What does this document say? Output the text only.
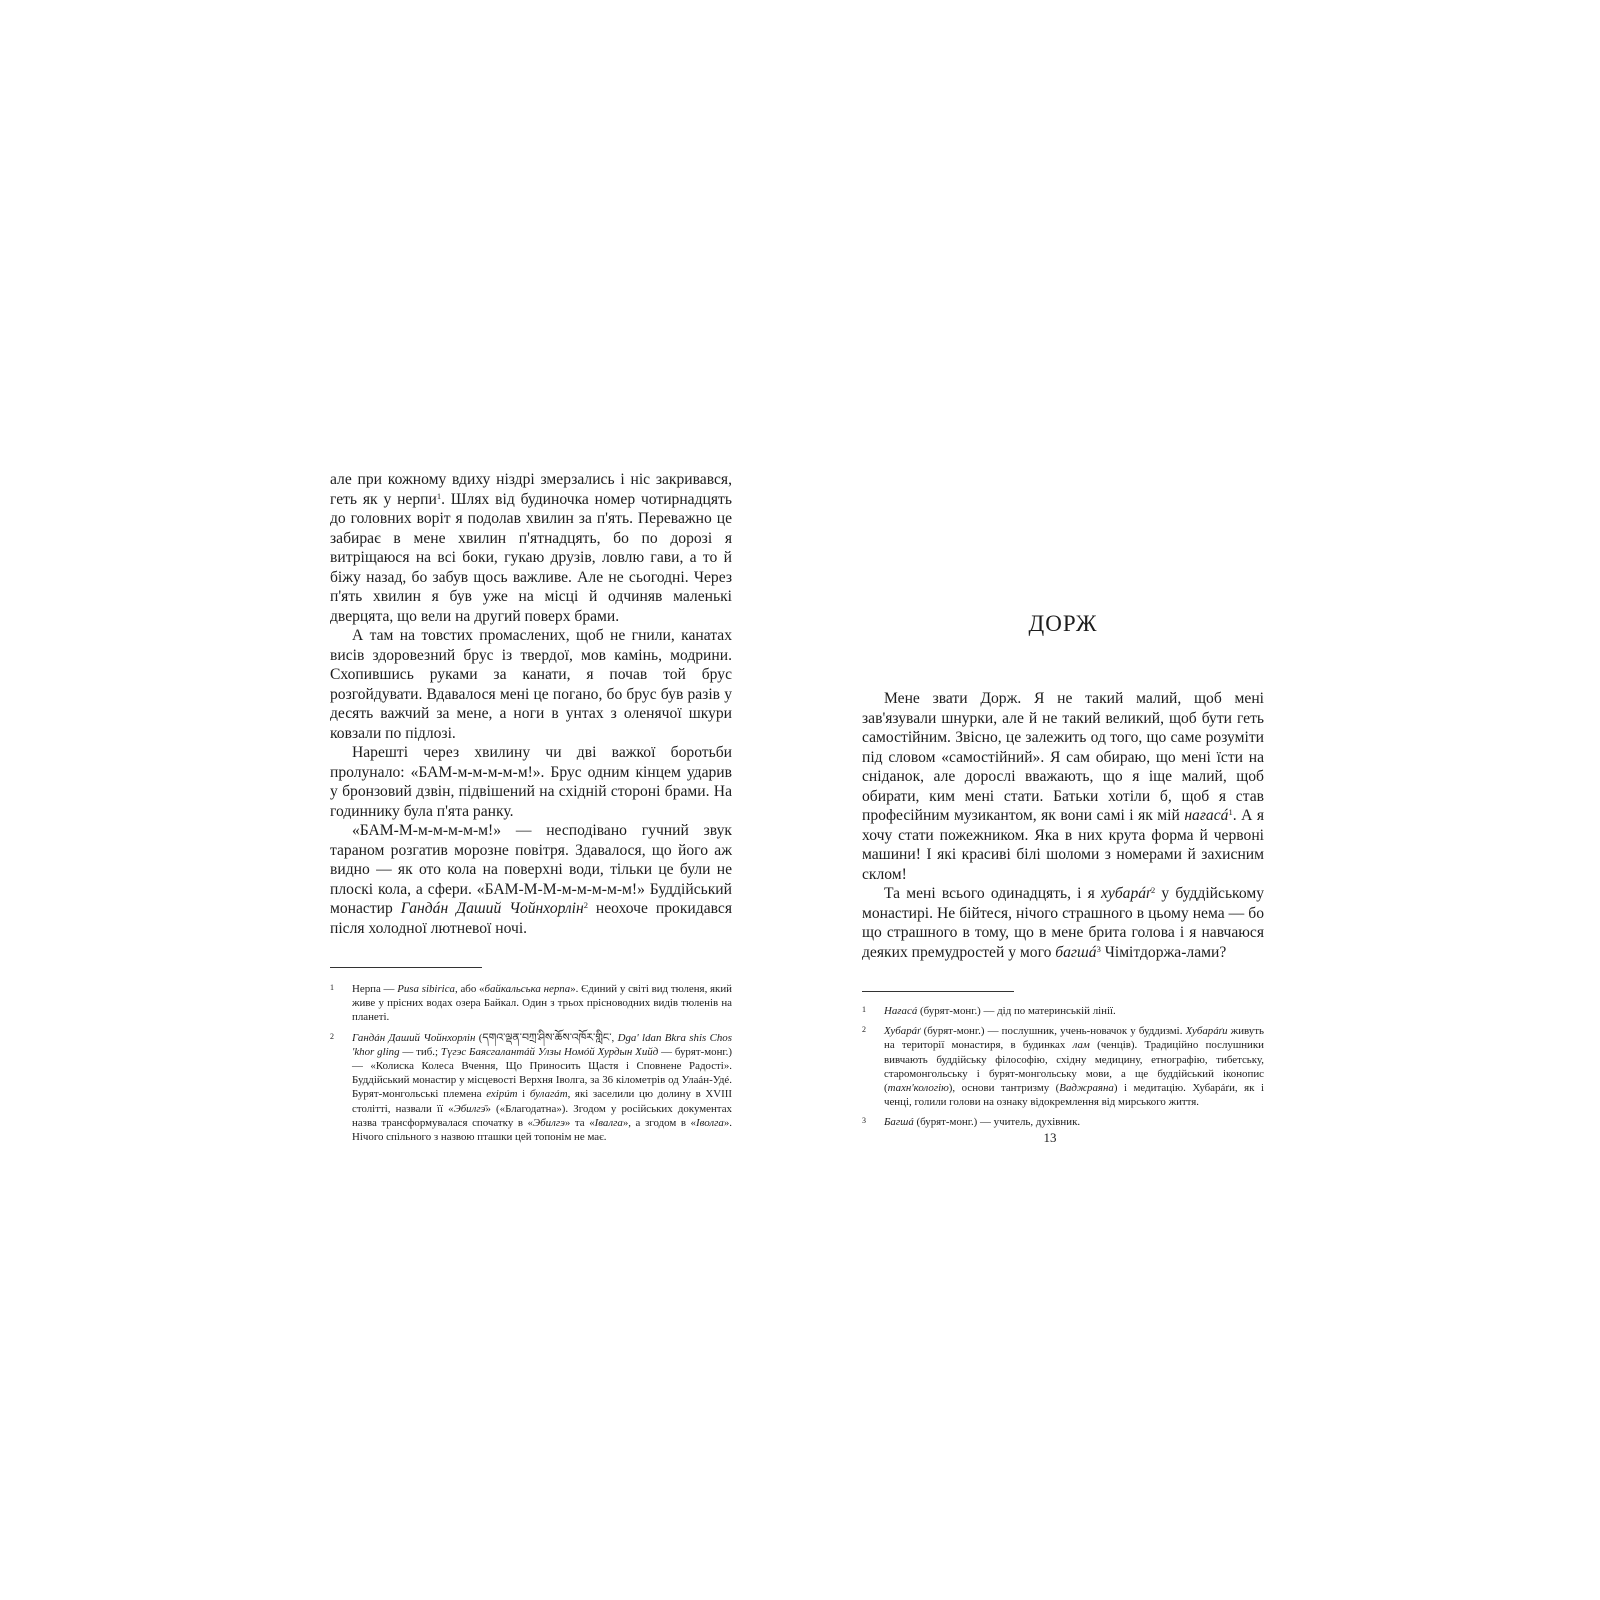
але при кожному вдиху ніздрі змерзались і ніс закривався, геть як у нерпи$^1$. Шлях від будиночка номер чотирнадцять до головних воріт я подолав хвилин за п'ять. Переважно це забирає в мене хвилин п'ятнадцять, бо по дорозі я витріщаюся на всі боки, гукаю друзів, ловлю гави, а то й біжу назад, бо забув щось важливе. Але не сьогодні. Через п'ять хвилин я був уже на місці й одчиняв маленькі дверцята, що вели на другий поверх брами.

А там на товстих промаслених, щоб не гнили, канатах висів здоровезний брус із твердої, мов камінь, модрини. Схопившись руками за канати, я почав той брус розгойдувати. Вдавалося мені це погано, бо брус був разів у десять важчий за мене, а ноги в унтах з оленячої шкури ковзали по підлозі.

Нарешті через хвилину чи дві важкої боротьби пролунало: «БАМ-м-м-м-м-м!». Брус одним кінцем ударив у бронзовий дзвін, підвішений на східній стороні брами. На годиннику була п'ята ранку.

«БАМ-М-м-м-м-м-м!» — несподівано гучний звук тараном розгатив морозне повітря. Здавалося, що його аж видно — як ото кола на поверхні води, тільки це були не плоскі кола, а сфери. «БАМ-М-М-м-м-м-м-м!» Буддійський монастир Гандáн Даший Чойнхорлін$^2$ неохоче прокидався після холодної лютневої ночі.

1 Нерпа — Pusa sibirica, або «байкальська нерпа». Єдиний у світі вид тюленя, який живе у прісних водах озера Байкал. Один з трьох прісноводних видів тюленів на планеті.
2 Гандáн Даший Чойнхорлін (དགའ་ལྡན་བཀྲ་ཤིས་ཆོས་འཁོར་གླིང་, Dga' ldan Bkra shis Chos 'khor gling — тиб.; Түгэс Баясгалантáй Улзы Номóй Хурдын Хийд — бурят-монг.) — «Колиска Колеса Вчення, Що Приносить Щастя і Сповнене Радості». Буддійський монастир у місцевості Верхня Іволга, за 36 кілометрів од Улаáн-Удé. Бурят-монгольські племена ехірúт і булагáт, які заселили цю долину в XVIII столітті, назвали її «Эбилгэ̄» («Благодатна»). Згодом у російських документах назва трансформувалася спочатку в «Эбилгэ» та «Івалга», а згодом в «Іволга». Нічого спільного з назвою пташки цей топонім не має.
ДОРЖ

Мене звати Дорж. Я не такий малий, щоб мені зав'язували шнурки, але й не такий великий, щоб бути геть самостійним. Звісно, це залежить од того, що саме розуміти під словом «самостійний». Я сам обираю, що мені їсти на сніданок, але дорослі вважають, що я іще малий, щоб обирати, ким мені стати. Батьки хотіли б, щоб я став професійним музикантом, як вони самі і як мій нағасá$^1$. А я хочу стати пожежником. Яка в них крута форма й червоні машини! І які красиві білі шоломи з номерами й захисним склом!

Та мені всього одинадцять, і я хубарáґ$^2$ у буддійському монастирі. Не бійтеся, нічого страшного в цьому нема — бо що страшного в тому, що в мене брита голова і я навчаюся деяких премудростей у мого багшá$^3$ Чімітдоржа-лами?

1 Нағасá (бурят-монг.) — дід по материнській лінії.
2 Хубарáґ (бурят-монг.) — послушник, учень-новачок у буддизмі. Хубарáґи живуть на території монастиря, в будинках лам (ченців). Традиційно послушники вивчають буддійську філософію, східну медицину, етнографію, тибетську, старомонгольську і бурят-монгольську мови, а ще буддійський іконопис (тахн'кологію), основи тантризму (Ваджраяна) і медитацію. Хубарáґи, як і ченці, голили голови на ознаку відокремлення від мирського життя.
3 Багшá (бурят-монг.) — учитель, духівник.
13
